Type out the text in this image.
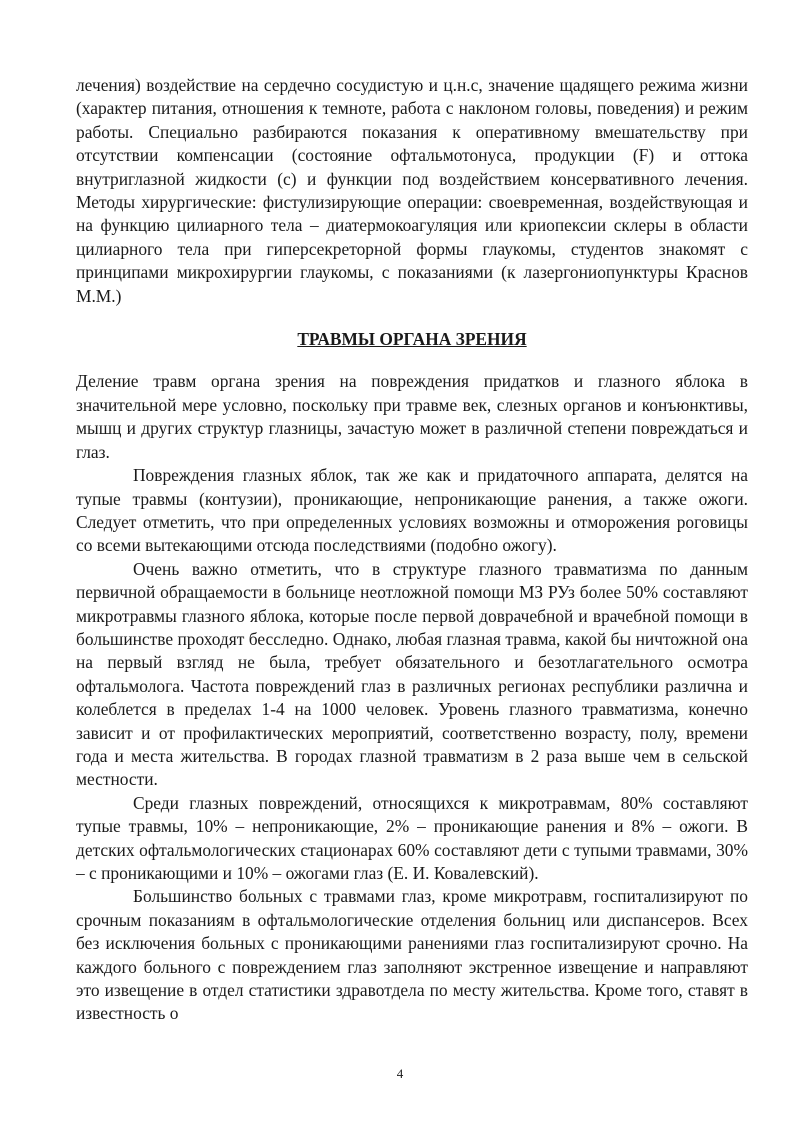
лечения) воздействие на сердечно сосудистую и ц.н.с, значение щадящего режима жизни (характер питания, отношения к темноте, работа с наклоном головы, поведения) и режим работы. Специально разбираются показания к оперативному вмешательству при отсутствии компенсации (состояние офтальмотонуса, продукции (F) и оттока внутриглазной жидкости (c) и функции под воздействием консервативного лечения. Методы хирургические: фистулизирующие операции: своевременная, воздействующая и на функцию цилиарного тела – диатермокоагуляция или криопексии склеры в области цилиарного тела при гиперсекреторной формы глаукомы, студентов знакомят с принципами микрохирургии глаукомы, с показаниями (к лазергониопунктуры Краснов М.М.)

ТРАВМЫ ОРГАНА ЗРЕНИЯ

Деление травм органа зрения на повреждения придатков и глазного яблока в значительной мере условно, поскольку при травме век, слезных органов и конъюнктивы, мышц и других структур глазницы, зачастую может в различной степени повреждаться и глаз.

Повреждения глазных яблок, так же как и придаточного аппарата, делятся на тупые травмы (контузии), проникающие, непроникающие ранения, а также ожоги. Следует отметить, что при определенных условиях возможны и отморожения роговицы со всеми вытекающими отсюда последствиями (подобно ожогу).

Очень важно отметить, что в структуре глазного травматизма по данным первичной обращаемости в больнице неотложной помощи МЗ РУз более 50% составляют микротравмы глазного яблока, которые после первой доврачебной и врачебной помощи в большинстве проходят бесследно. Однако, любая глазная травма, какой бы ничтожной она на первый взгляд не была, требует обязательного и безотлагательного осмотра офтальмолога. Частота повреждений глаз в различных регионах республики различна и колеблется в пределах 1-4 на 1000 человек. Уровень глазного травматизма, конечно зависит и от профилактических мероприятий, соответственно возрасту, полу, времени года и места жительства. В городах глазной травматизм в 2 раза выше чем в сельской местности.

Среди глазных повреждений, относящихся к микротравмам, 80% составляют тупые травмы, 10% – непроникающие, 2% – проникающие ранения и 8% – ожоги. В детских офтальмологических стационарах 60% составляют дети с тупыми травмами, 30% – с проникающими и 10% – ожогами глаз (Е. И. Ковалевский).

Большинство больных с травмами глаз, кроме микротравм, госпитализируют по срочным показаниям в офтальмологические отделения больниц или диспансеров. Всех без исключения больных с проникающими ранениями глаз госпитализируют срочно. На каждого больного с повреждением глаз заполняют экстренное извещение и направляют это извещение в отдел статистики здравотдела по месту жительства. Кроме того, ставят в известность о

4
